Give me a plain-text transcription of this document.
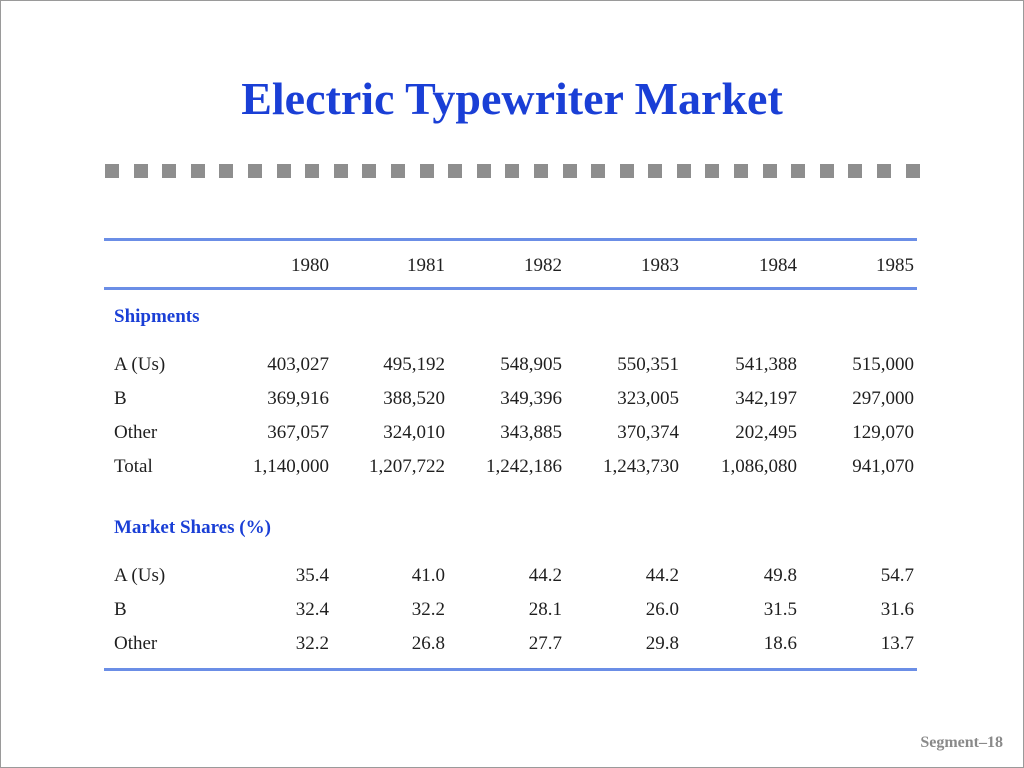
Electric Typewriter Market
1980	1981	1982	1983	1984	1985
Shipments
A (Us)	403,027	495,192	548,905	550,351	541,388	515,000
B	369,916	388,520	349,396	323,005	342,197	297,000
Other	367,057	324,010	343,885	370,374	202,495	129,070
Total	1,140,000 1,207,722 1,242,186 1,243,730 1,086,080	941,070
Market Shares (%)
A (Us)	35.4	41.0	44.2	44.2	49.8	54.7
B	32.4	32.2	28.1	26.0	31.5	31.6
Other	32.2	26.8	27.7	29.8	18.6	13.7
Segment–18
